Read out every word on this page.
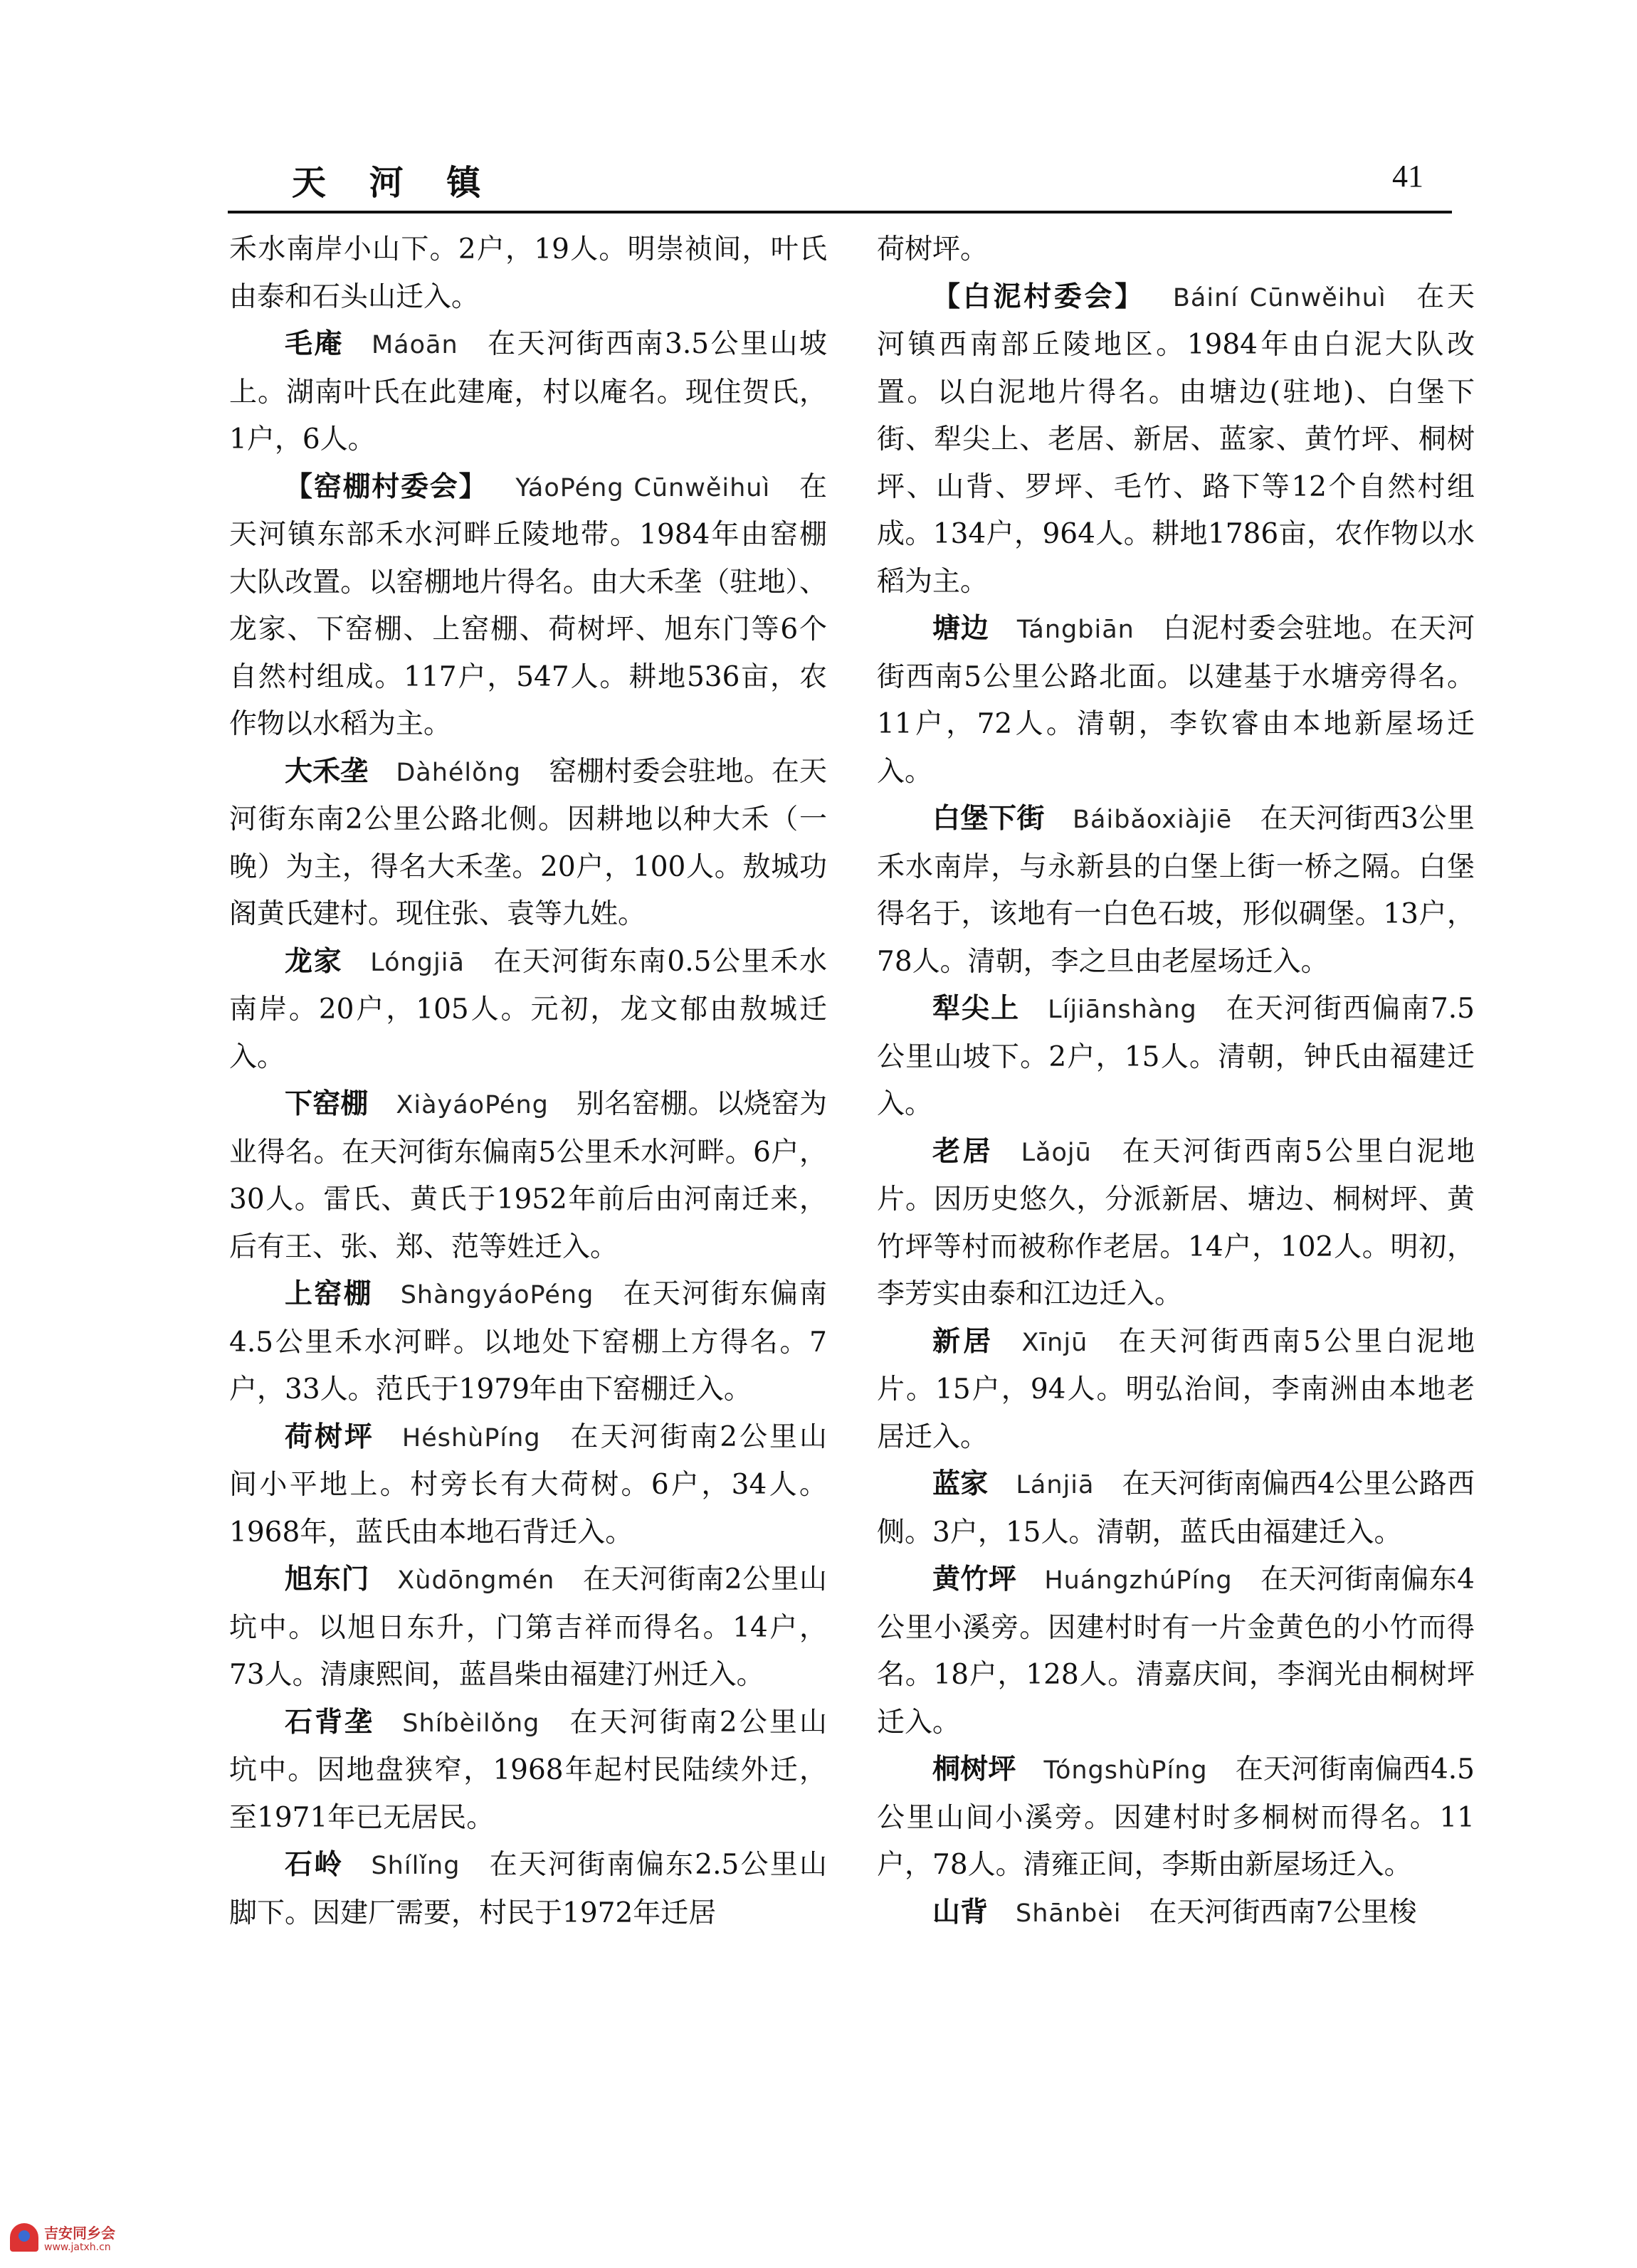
天 河 镇	41

禾水南岸小山下。2户，19人。明崇祯间，叶氏由泰和石头山迁入。

毛庵  Máoān  在天河街西南3.5公里山坡上。湖南叶氏在此建庵，村以庵名。现住贺氏，1户，6人。

【窑棚村委会】  YáoPéng Cūnwěihuì  在天河镇东部禾水河畔丘陵地带。1984年由窑棚大队改置。以窑棚地片得名。由大禾垄（驻地）、龙家、下窑棚、上窑棚、荷树坪、旭东门等6个自然村组成。117户，547人。耕地536亩，农作物以水稻为主。

大禾垄  Dàhélǒng  窑棚村委会驻地。在天河街东南2公里公路北侧。因耕地以种大禾（一晚）为主，得名大禾垄。20户，100人。敖城功阁黄氏建村。现住张、袁等九姓。

龙家  Lóngjiā  在天河街东南0.5公里禾水南岸。20户，105人。元初，龙文郁由敖城迁入。

下窑棚  XiàyáoPéng  别名窑棚。以烧窑为业得名。在天河街东偏南5公里禾水河畔。6户，30人。雷氏、黄氏于1952年前后由河南迁来，后有王、张、郑、范等姓迁入。

上窑棚  ShàngyáoPéng  在天河街东偏南4.5公里禾水河畔。以地处下窑棚上方得名。7户，33人。范氏于1979年由下窑棚迁入。

荷树坪  HéshùPíng  在天河街南2公里山间小平地上。村旁长有大荷树。6户，34人。1968年，蓝氏由本地石背迁入。

旭东门  Xùdōngmén  在天河街南2公里山坑中。以旭日东升，门第吉祥而得名。14户，73人。清康熙间，蓝昌柴由福建汀州迁入。

石背垄  Shíbèilǒng  在天河街南2公里山坑中。因地盘狭窄，1968年起村民陆续外迁，至1971年已无居民。

石岭  Shílǐng  在天河街南偏东2.5公里山脚下。因建厂需要，村民于1972年迁居

荷树坪。

【白泥村委会】  Báiní Cūnwěihuì  在天河镇西南部丘陵地区。1984年由白泥大队改置。以白泥地片得名。由塘边(驻地)、白堡下街、犁尖上、老居、新居、蓝家、黄竹坪、桐树坪、山背、罗坪、毛竹、路下等12个自然村组成。134户，964人。耕地1786亩，农作物以水稻为主。

塘边  Tángbiān  白泥村委会驻地。在天河街西南5公里公路北面。以建基于水塘旁得名。11户，72人。清朝，李钦睿由本地新屋场迁入。

白堡下街  Báibǎoxiàjiē  在天河街西3公里禾水南岸，与永新县的白堡上街一桥之隔。白堡得名于，该地有一白色石坡，形似碉堡。13户，78人。清朝，李之旦由老屋场迁入。

犁尖上  Líjiānshàng  在天河街西偏南7.5公里山坡下。2户，15人。清朝，钟氏由福建迁入。

老居  Lǎojū  在天河街西南5公里白泥地片。因历史悠久，分派新居、塘边、桐树坪、黄竹坪等村而被称作老居。14户，102人。明初，李芳实由泰和江边迁入。

新居  Xīnjū  在天河街西南5公里白泥地片。15户，94人。明弘治间，李南洲由本地老居迁入。

蓝家  Lánjiā  在天河街南偏西4公里公路西侧。3户，15人。清朝，蓝氏由福建迁入。

黄竹坪  HuángzhúPíng  在天河街南偏东4公里小溪旁。因建村时有一片金黄色的小竹而得名。18户，128人。清嘉庆间，李润光由桐树坪迁入。

桐树坪  TóngshùPíng  在天河街南偏西4.5公里山间小溪旁。因建村时多桐树而得名。11户，78人。清雍正间，李斯由新屋场迁入。

山背  Shānbèi  在天河街西南7公里梭

吉安同乡会
www.jatxh.cn
